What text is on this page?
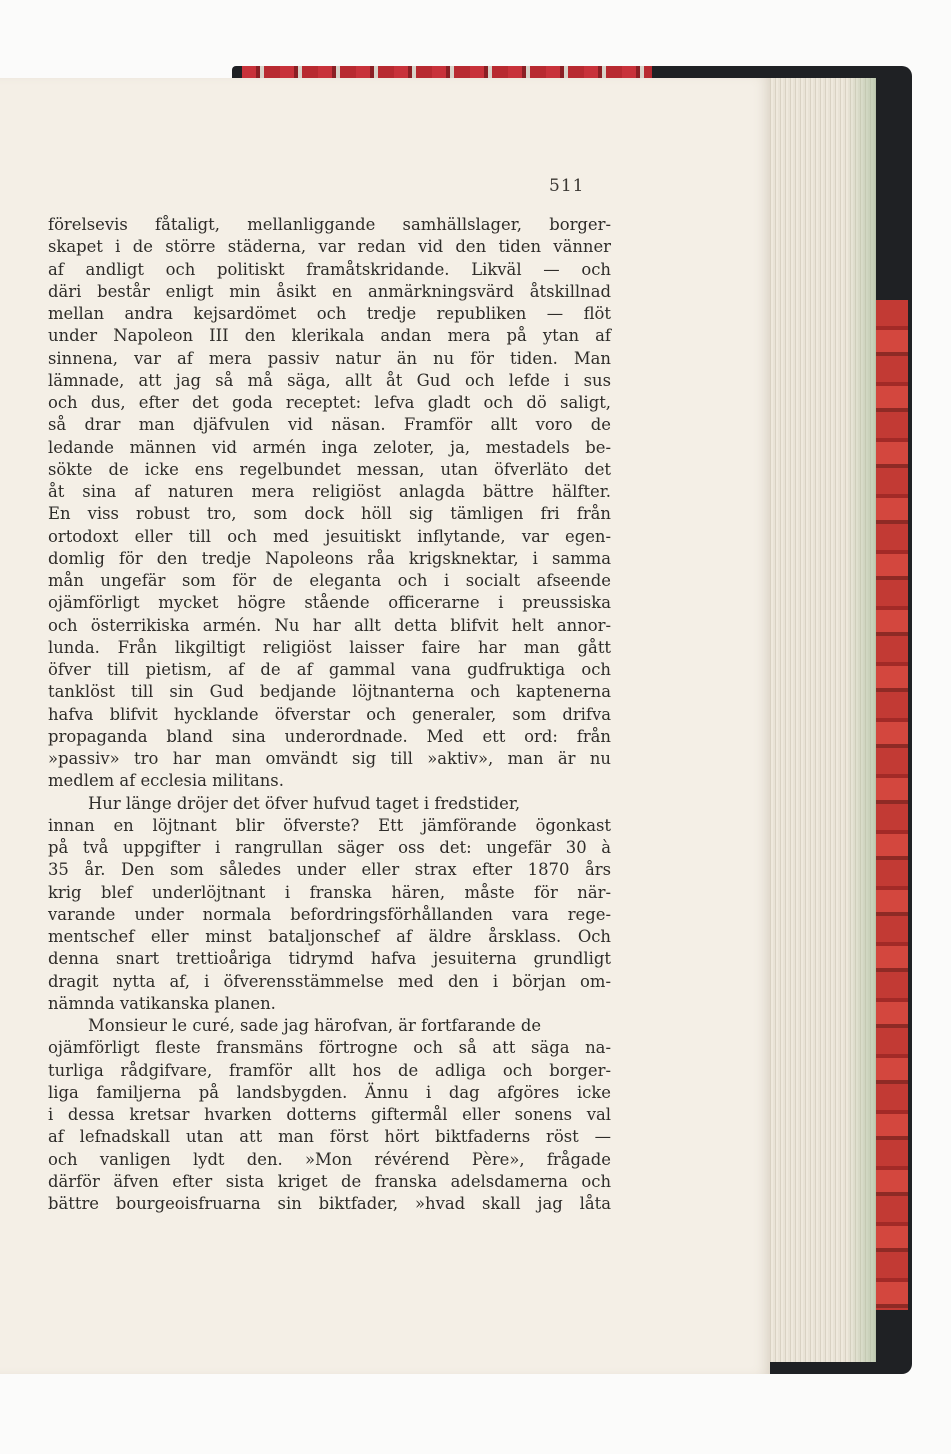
511
förelsevis fåtaligt, mellanliggande samhällslager, borger-
skapet i de större städerna, var redan vid den tiden vänner
af andligt och politiskt framåtskridande. Likväl — och
däri består enligt min åsikt en anmärkningsvärd åtskillnad
mellan andra kejsardömet och tredje republiken — flöt
under Napoleon III den klerikala andan mera på ytan af
sinnena, var af mera passiv natur än nu för tiden. Man
lämnade, att jag så må säga, allt åt Gud och lefde i sus
och dus, efter det goda receptet: lefva gladt och dö saligt,
så drar man djäfvulen vid näsan. Framför allt voro de
ledande männen vid armén inga zeloter, ja, mestadels be-
sökte de icke ens regelbundet messan, utan öfverläto det
åt sina af naturen mera religiöst anlagda bättre hälfter.
En viss robust tro, som dock höll sig tämligen fri från
ortodoxt eller till och med jesuitiskt inflytande, var egen-
domlig för den tredje Napoleons råa krigsknektar, i samma
mån ungefär som för de eleganta och i socialt afseende
ojämförligt mycket högre stående officerarne i preussiska
och österrikiska armén. Nu har allt detta blifvit helt annor-
lunda. Från likgiltigt religiöst laisser faire har man gått
öfver till pietism, af de af gammal vana gudfruktiga och
tanklöst till sin Gud bedjande löjtnanterna och kaptenerna
hafva blifvit hycklande öfverstar och generaler, som drifva
propaganda bland sina underordnade. Med ett ord: från
»passiv» tro har man omvändt sig till »aktiv», man är nu
medlem af ecclesia militans.
Hur länge dröjer det öfver hufvud taget i fredstider,
innan en löjtnant blir öfverste? Ett jämförande ögonkast
på två uppgifter i rangrullan säger oss det: ungefär 30 à
35 år. Den som således under eller strax efter 1870 års
krig blef underlöjtnant i franska hären, måste för när-
varande under normala befordringsförhållanden vara rege-
mentschef eller minst bataljonschef af äldre årsklass. Och
denna snart trettioåriga tidrymd hafva jesuiterna grundligt
dragit nytta af, i öfverensstämmelse med den i början om-
nämnda vatikanska planen.
Monsieur le curé, sade jag härofvan, är fortfarande de
ojämförligt fleste fransmäns förtrogne och så att säga na-
turliga rådgifvare, framför allt hos de adliga och borger-
liga familjerna på landsbygden. Ännu i dag afgöres icke
i dessa kretsar hvarken dotterns giftermål eller sonens val
af lefnadskall utan att man först hört biktfaderns röst —
och vanligen lydt den. »Mon révérend Père», frågade
därför äfven efter sista kriget de franska adelsdamerna och
bättre bourgeoisfruarna sin biktfader, »hvad skall jag låta
